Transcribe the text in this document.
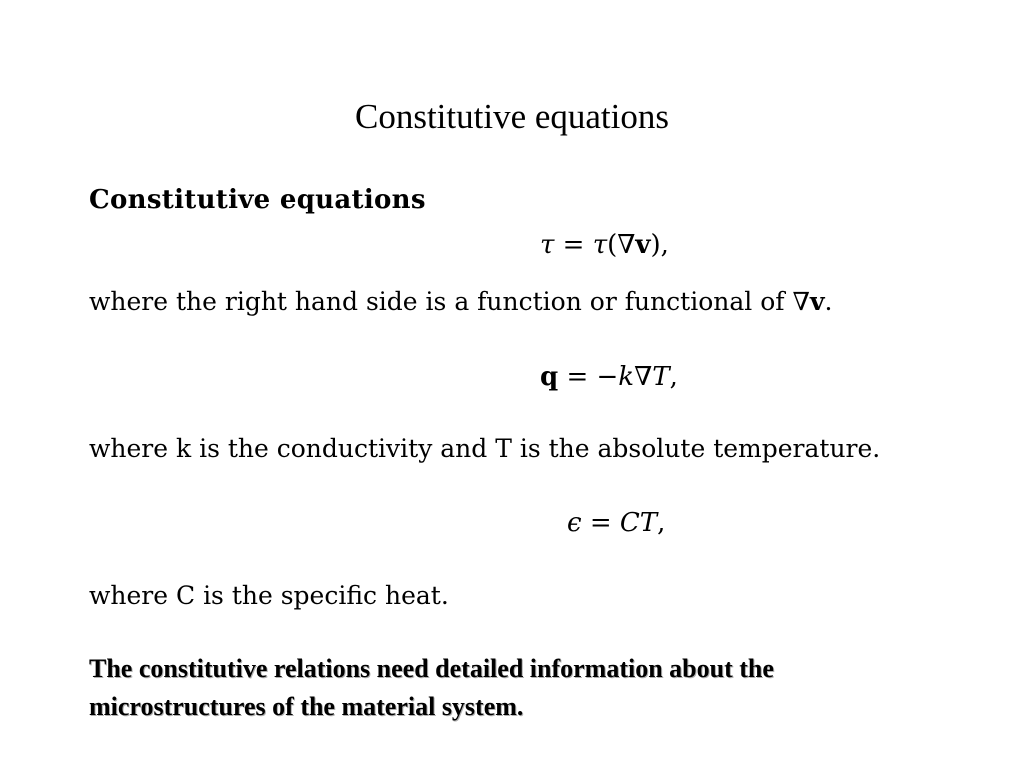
Constitutive equations
Constitutive equations
τ = τ(∇v),
where the right hand side is a function or functional of ∇v.
q = −k∇T,
where k is the conductivity and T is the absolute temperature.
ϵ = CT,
where C is the specific heat.
The constitutive relations need detailed information about the
microstructures of the material system.
